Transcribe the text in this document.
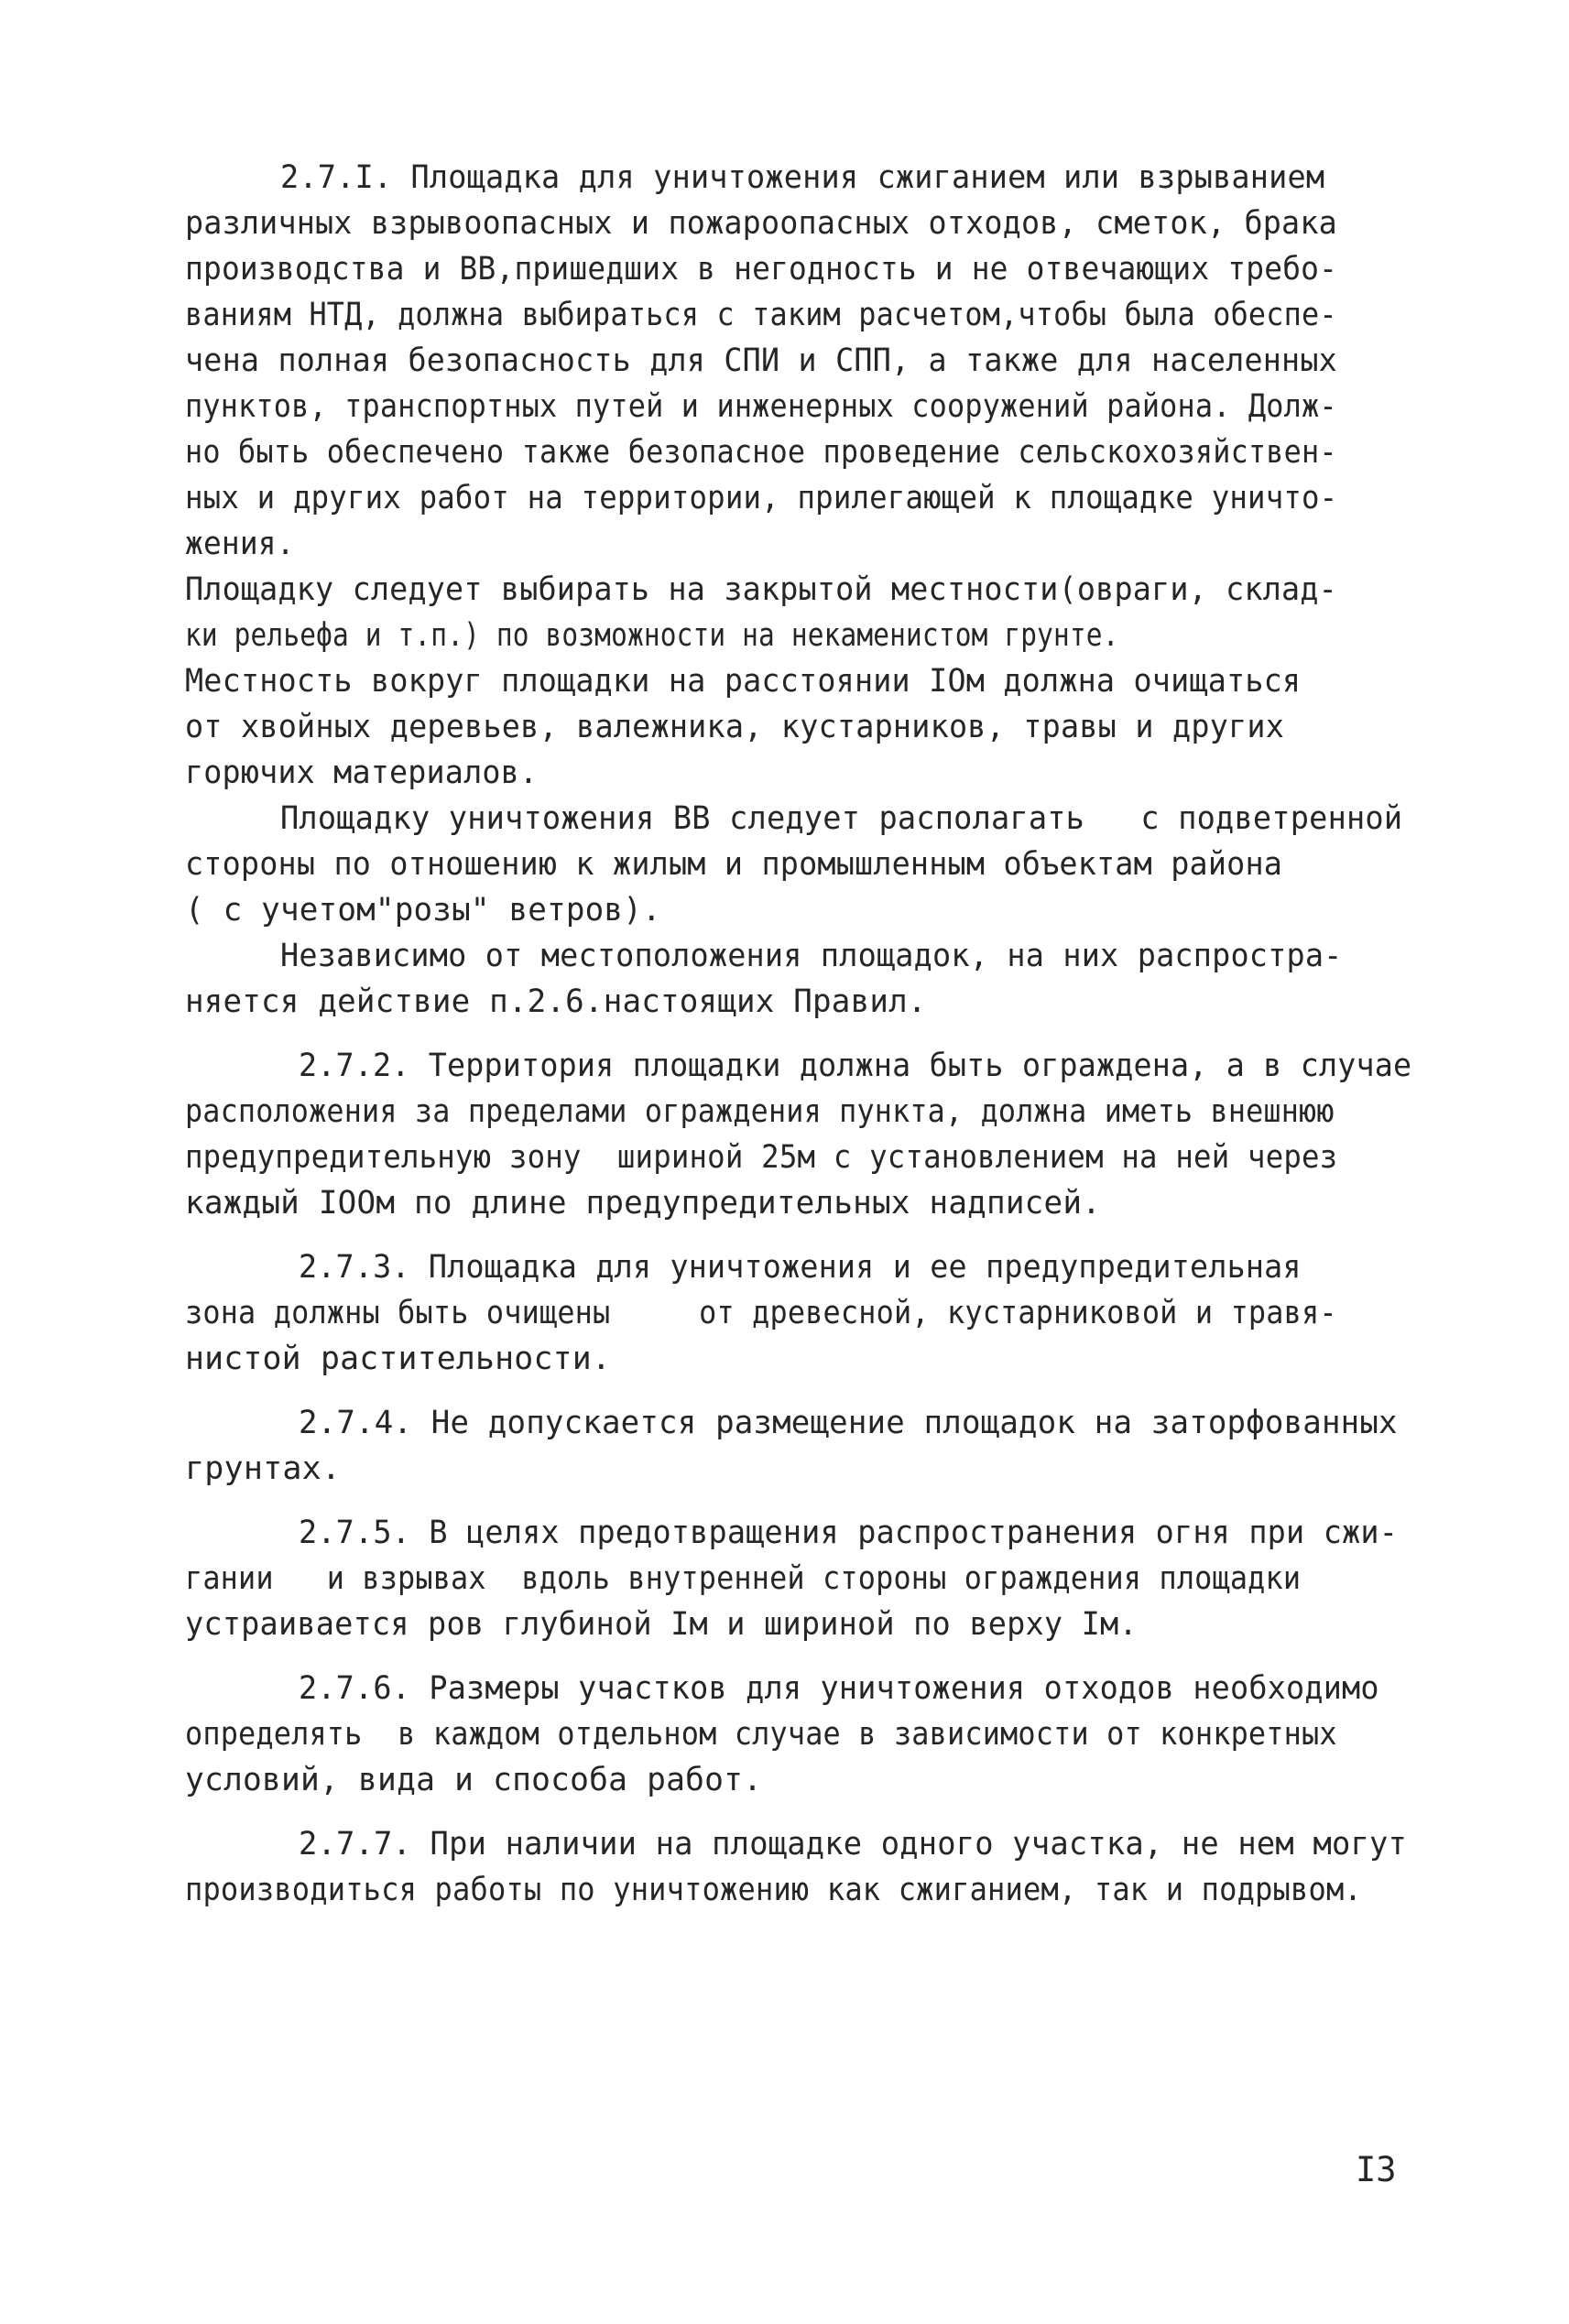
2.7.I. Площадка для уничтожения сжиганием или взрыванием
различных взрывоопасных и пожароопасных отходов, сметок, брака
производства и ВВ,пришедших в негодность и не отвечающих требо-
ваниям НТД, должна выбираться с таким расчетом,чтобы была обеспе-
чена полная безопасность для СПИ и СПП, а также для населенных
пунктов, транспортных путей и инженерных сооружений района. Долж-
но быть обеспечено также безопасное проведение сельскохозяйствен-
ных и других работ на территории, прилегающей к площадке уничто-
жения.
Площадку следует выбирать на закрытой местности(овраги, склад-
ки рельефа и т.п.) по возможности на некаменистом грунте.
Местность вокруг площадки на расстоянии IОм должна очищаться
от хвойных деревьев, валежника, кустарников, травы и других
горючих материалов.
Площадку уничтожения ВВ следует располагать   с подветренной
стороны по отношению к жилым и промышленным объектам района
( с учетом"розы" ветров).
Независимо от местоположения площадок, на них распростра-
няется действие п.2.6.настоящих Правил.
2.7.2. Территория площадки должна быть ограждена, а в случае
расположения за пределами ограждения пункта, должна иметь внешнюю
предупредительную зону  шириной 25м с установлением на ней через
каждый IООм по длине предупредительных надписей.
2.7.3. Площадка для уничтожения и ее предупредительная
зона должны быть очищены     от древесной, кустарниковой и травя-
нистой растительности.
2.7.4. Не допускается размещение площадок на заторфованных
грунтах.
2.7.5. В целях предотвращения распространения огня при сжи-
гании   и взрывах  вдоль внутренней стороны ограждения площадки
устраивается ров глубиной Iм и шириной по верху Iм.
2.7.6. Размеры участков для уничтожения отходов необходимо
определять  в каждом отдельном случае в зависимости от конкретных
условий, вида и способа работ.
2.7.7. При наличии на площадке одного участка, не нем могут
производиться работы по уничтожению как сжиганием, так и подрывом.
I3
